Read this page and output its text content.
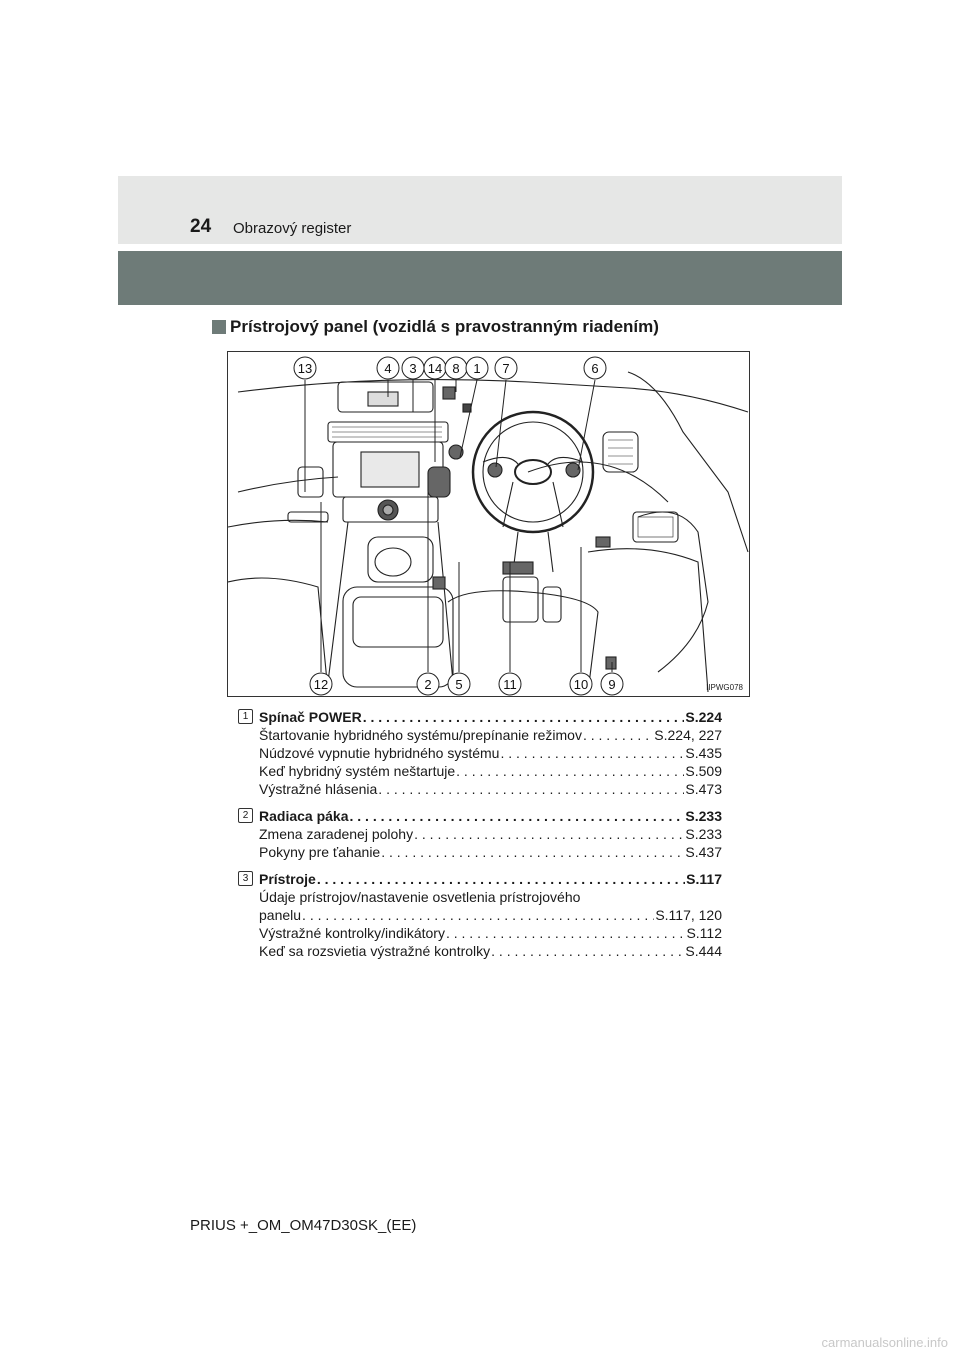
24 Obrazový register
Prístrojový panel (vozidlá s pravostranným riadením)
13	4 3 14 8 1 7	6
12	2 5	11	10 9	IIPWG078
1 Spínač POWER . . .	S.224
Štartovanie hybridného systému/prepínanie režimov . . .	S.224, 227
Núdzové vypnutie hybridného systému . . .	S.435
Keď hybridný systém neštartuje . . .	S.509
Výstražné hlásenia . . .	S.473
2 Radiaca páka . . .	S.233
Zmena zaradenej polohy . . .	S.233
Pokyny pre ťahanie . . .	S.437
3 Prístroje . . .	S.117
Údaje prístrojov/nastavenie osvetlenia prístrojového
panelu . . .	S.117, 120
Výstražné kontrolky/indikátory . . .	S.112
Keď sa rozsvietia výstražné kontrolky . . .	S.444
PRIUS +_OM_OM47D30SK_(EE)
carmanualsonline.info
